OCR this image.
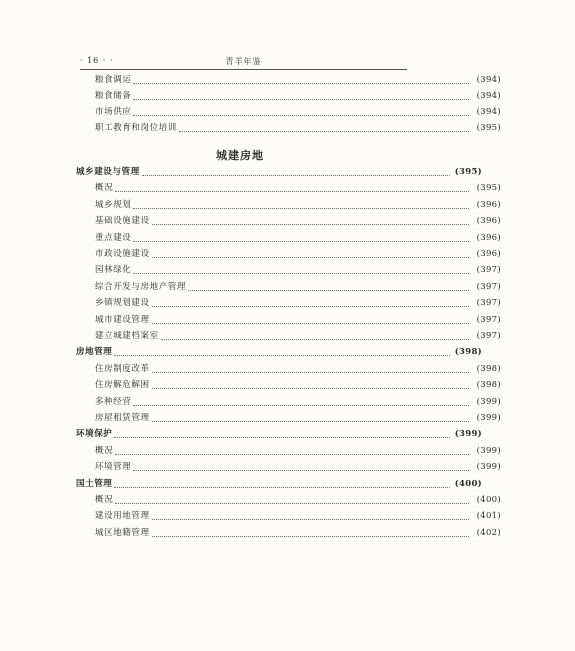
· 16 · ·	青羊年鉴
粮食调运	(394)
粮食储备	(394)
市场供应	(394)
职工教育和岗位培训	(395)
城乡建设与管理	(395)
概况	(395)
城乡规划	(396)
基础设施建设	(396)
重点建设	(396)
市政设施建设	(396)
园林绿化	(397)
综合开发与房地产管理	(397)
乡镇规划建设	(397)
城市建设管理	(397)
建立城建档案室	(397)
房地管理	(398)
住房制度改革	(398)
住房解危解困	(398)
多种经营	(399)
房屋租赁管理	(399)
环境保护	(399)
概况	(399)
环境管理	(399)
国土管理	(400)
概况	(400)
建设用地管理	(401)
城区地籍管理	(402)
城建房地
